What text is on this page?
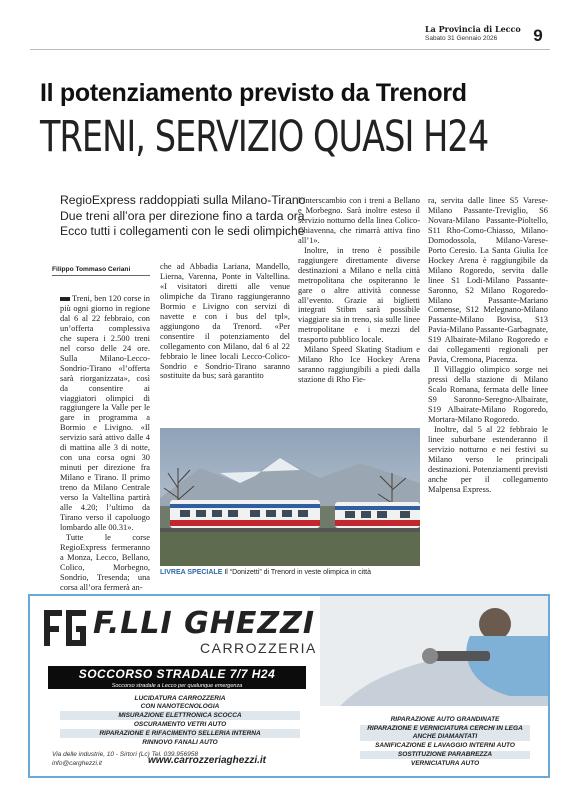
La Provincia di Lecco
Sabato 31 Gennaio 2026	9
Il potenziamento previsto da Trenord
TRENI, SERVIZIO QUASI H24
RegioExpress raddoppiati sulla Milano-Tirano
Due treni all’ora per direzione fino a tarda ora
Ecco tutti i collegamenti con le sedi olimpiche
Filippo Tommaso Ceriani

Treni, ben 120 corse in più ogni giorno in regione dal 6 al 22 febbraio, con un’offerta complessiva che supera i 2.500 treni nel corso delle 24 ore. Sulla Milano-Lecco-Sondrio-Tirano «l’offerta sarà riorganizzata», così da consentire ai viaggiatori olimpici di raggiungere la Valle per le gare in programma a Bormio e Livigno. «Il servizio sarà attivo dalle 4 di mattina alle 3 di notte, con una corsa ogni 30 minuti per direzione fra Milano e Tirano. Il primo treno da Milano Centrale verso la Valtellina partirà alle 4.20; l’ultimo da Tirano verso il capoluogo lombardo alle 00.31».

Tutte le corse RegioExpress fermeranno a Monza, Lecco, Bellano, Colico, Morbegno, Sondrio, Tresenda; una corsa all’ora fermerà an-

che ad Abbadia Lariana, Mandello, Lierna, Varenna, Ponte in Valtellina. «I visitatori diretti alle venue olimpiche da Tirano raggiungeranno Bormio e Livigno con servizi di navette e con i bus del tpl», aggiungono da Trenord. «Per consentire il potenziamento del collegamento con Milano, dal 6 al 22 febbraio le linee locali Lecco-Colico-Sondrio e Sondrio-Tirano saranno sostituite da bus; sarà garantito

l’interscambio con i treni a Bellano e Morbegno. Sarà inoltre esteso il servizio notturno della linea Colico-Chiavenna, che rimarrà attiva fino all’1».

Inoltre, in treno è possibile raggiungere direttamente diverse destinazioni a Milano e nella città metropolitana che ospiteranno le gare o altre attività connesse all’evento. Grazie ai biglietti integrati Stibm sarà possibile viaggiare sia in treno, sia sulle linee metropolitane e i mezzi del trasporto pubblico locale.

Milano Speed Skating Stadium e Milano Rho Ice Hockey Arena saranno raggiungibili a piedi dalla stazione di Rho Fie-

ra, servita dalle linee S5 Varese-Milano Passante-Treviglio, S6 Novara-Milano Passante-Pioltello, S11 Rho-Como-Chiasso, Milano-Domodossola, Milano-Varese-Porto Ceresio. La Santa Giulia Ice Hockey Arena è raggiungibile da Milano Rogoredo, servita dalle linee S1 Lodi-Milano Passante-Saronno, S2 Milano Rogoredo-Milano Passante-Mariano Comense, S12 Melegnano-Milano Passante-Milano Bovisa, S13 Pavia-Milano Passante-Garbagnate, S19 Albairate-Milano Rogoredo e dai collegamenti regionali per Pavia, Cremona, Piacenza.

Il Villaggio olimpico sorge nei pressi della stazione di Milano Scalo Romana, fermata delle linee S9 Saronno-Seregno-Albairate, S19 Albairate-Milano Rogoredo, Mortara-Milano Rogoredo.

Inoltre, dal 5 al 22 febbraio le linee suburbane estenderanno il servizio notturno e nei festivi su Milano verso le principali destinazioni. Potenziamenti previsti anche per il collegamento Malpensa Express.

LIVREA SPECIALE Il “Donizetti” di Trenord in veste olimpica in città
F.LLI GHEZZI
CARROZZERIA
SOCCORSO STRADALE 7/7 H24
Soccorso stradale a Lecco per qualunque emergenza
LUCIDATURA CARROZZERIA
CON NANOTECNOLOGIA
MISURAZIONE ELETTRONICA SCOCCA
OSCURAMENTO VETRI AUTO
RIPARAZIONE E RIFACIMENTO SELLERIA INTERNA
RINNOVO FANALI AUTO
Via delle industrie, 10 - Sirtori (Lc) Tel. 039.956958
info@carghezzi.it	www.carrozzeriaghezzi.it
RIPARAZIONE AUTO GRANDINATE
RIPARAZIONE E VERNICIATURA CERCHI IN LEGA
ANCHE DIAMANTATI
SANIFICAZIONE E LAVAGGIO INTERNI AUTO
SOSTITUZIONE PARABREZZA
VERNICIATURA AUTO
